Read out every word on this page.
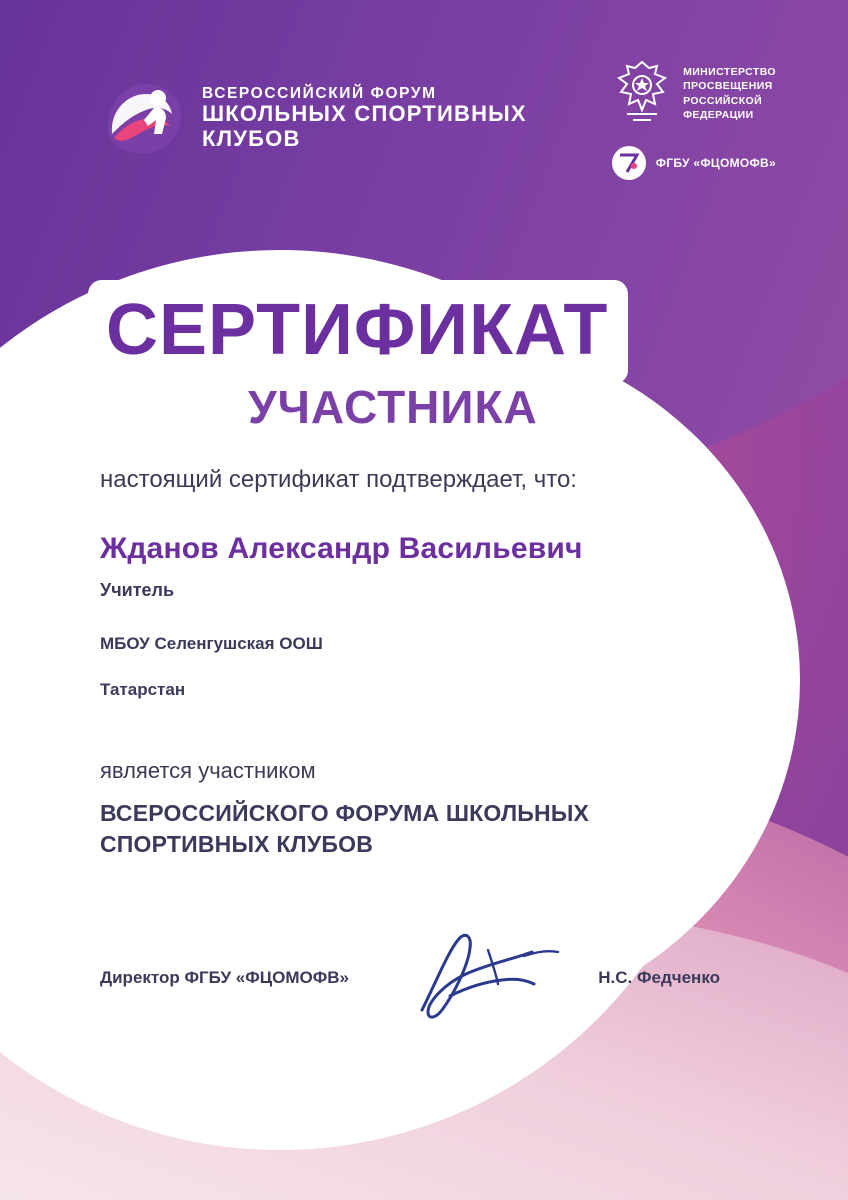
ВСЕРОССИЙСКИЙ ФОРУМ
ШКОЛЬНЫХ СПОРТИВНЫХ
КЛУБОВ
МИНИСТЕРСТВО
ПРОСВЕЩЕНИЯ
РОССИЙСКОЙ
ФЕДЕРАЦИИ
ФГБУ «ФЦОМОФВ»
СЕРТИФИКАТ
УЧАСТНИКА
настоящий сертификат подтверждает, что:
Жданов Александр Васильевич
Учитель
МБОУ Селенгушская ООШ
Татарстан
является участником
ВСЕРОССИЙСКОГО ФОРУМА ШКОЛЬНЫХ
СПОРТИВНЫХ КЛУБОВ
Директор ФГБУ «ФЦОМОФВ»	Н.С. Федченко
